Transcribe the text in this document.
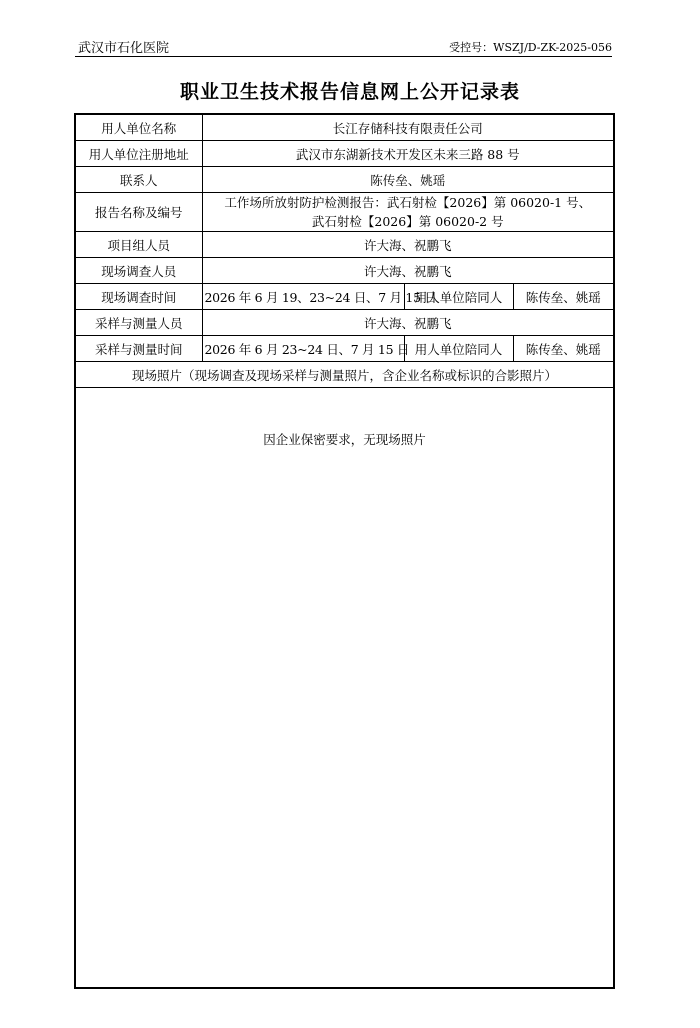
武汉市石化医院	受控号：WSZJ/D-ZK-2025-056
职业卫生技术报告信息网上公开记录表
用人单位名称	长江存储科技有限责任公司		
用人单位注册地址	武汉市东湖新技术开发区未来三路 88 号		
联系人	陈传垒、姚瑶		
报告名称及编号	工作场所放射防护检测报告：武石射检【2026】第 06020-1 号、
武石射检【2026】第 06020-2 号		

项目组人员	许大海、祝鹏飞		
现场调查人员	许大海、祝鹏飞		
现场调查时间	2026 年 6 月 19、23~24 日、7 月 15 日	用人单位陪同人	陈传垒、姚瑶
采样与测量人员	许大海、祝鹏飞		
采样与测量时间	2026 年 6 月 23~24 日、7 月 15 日	用人单位陪同人	陈传垒、姚瑶
现场照片（现场调查及现场采样与测量照片，含企业名称或标识的合影照片）			
因企业保密要求，无现场照片			
